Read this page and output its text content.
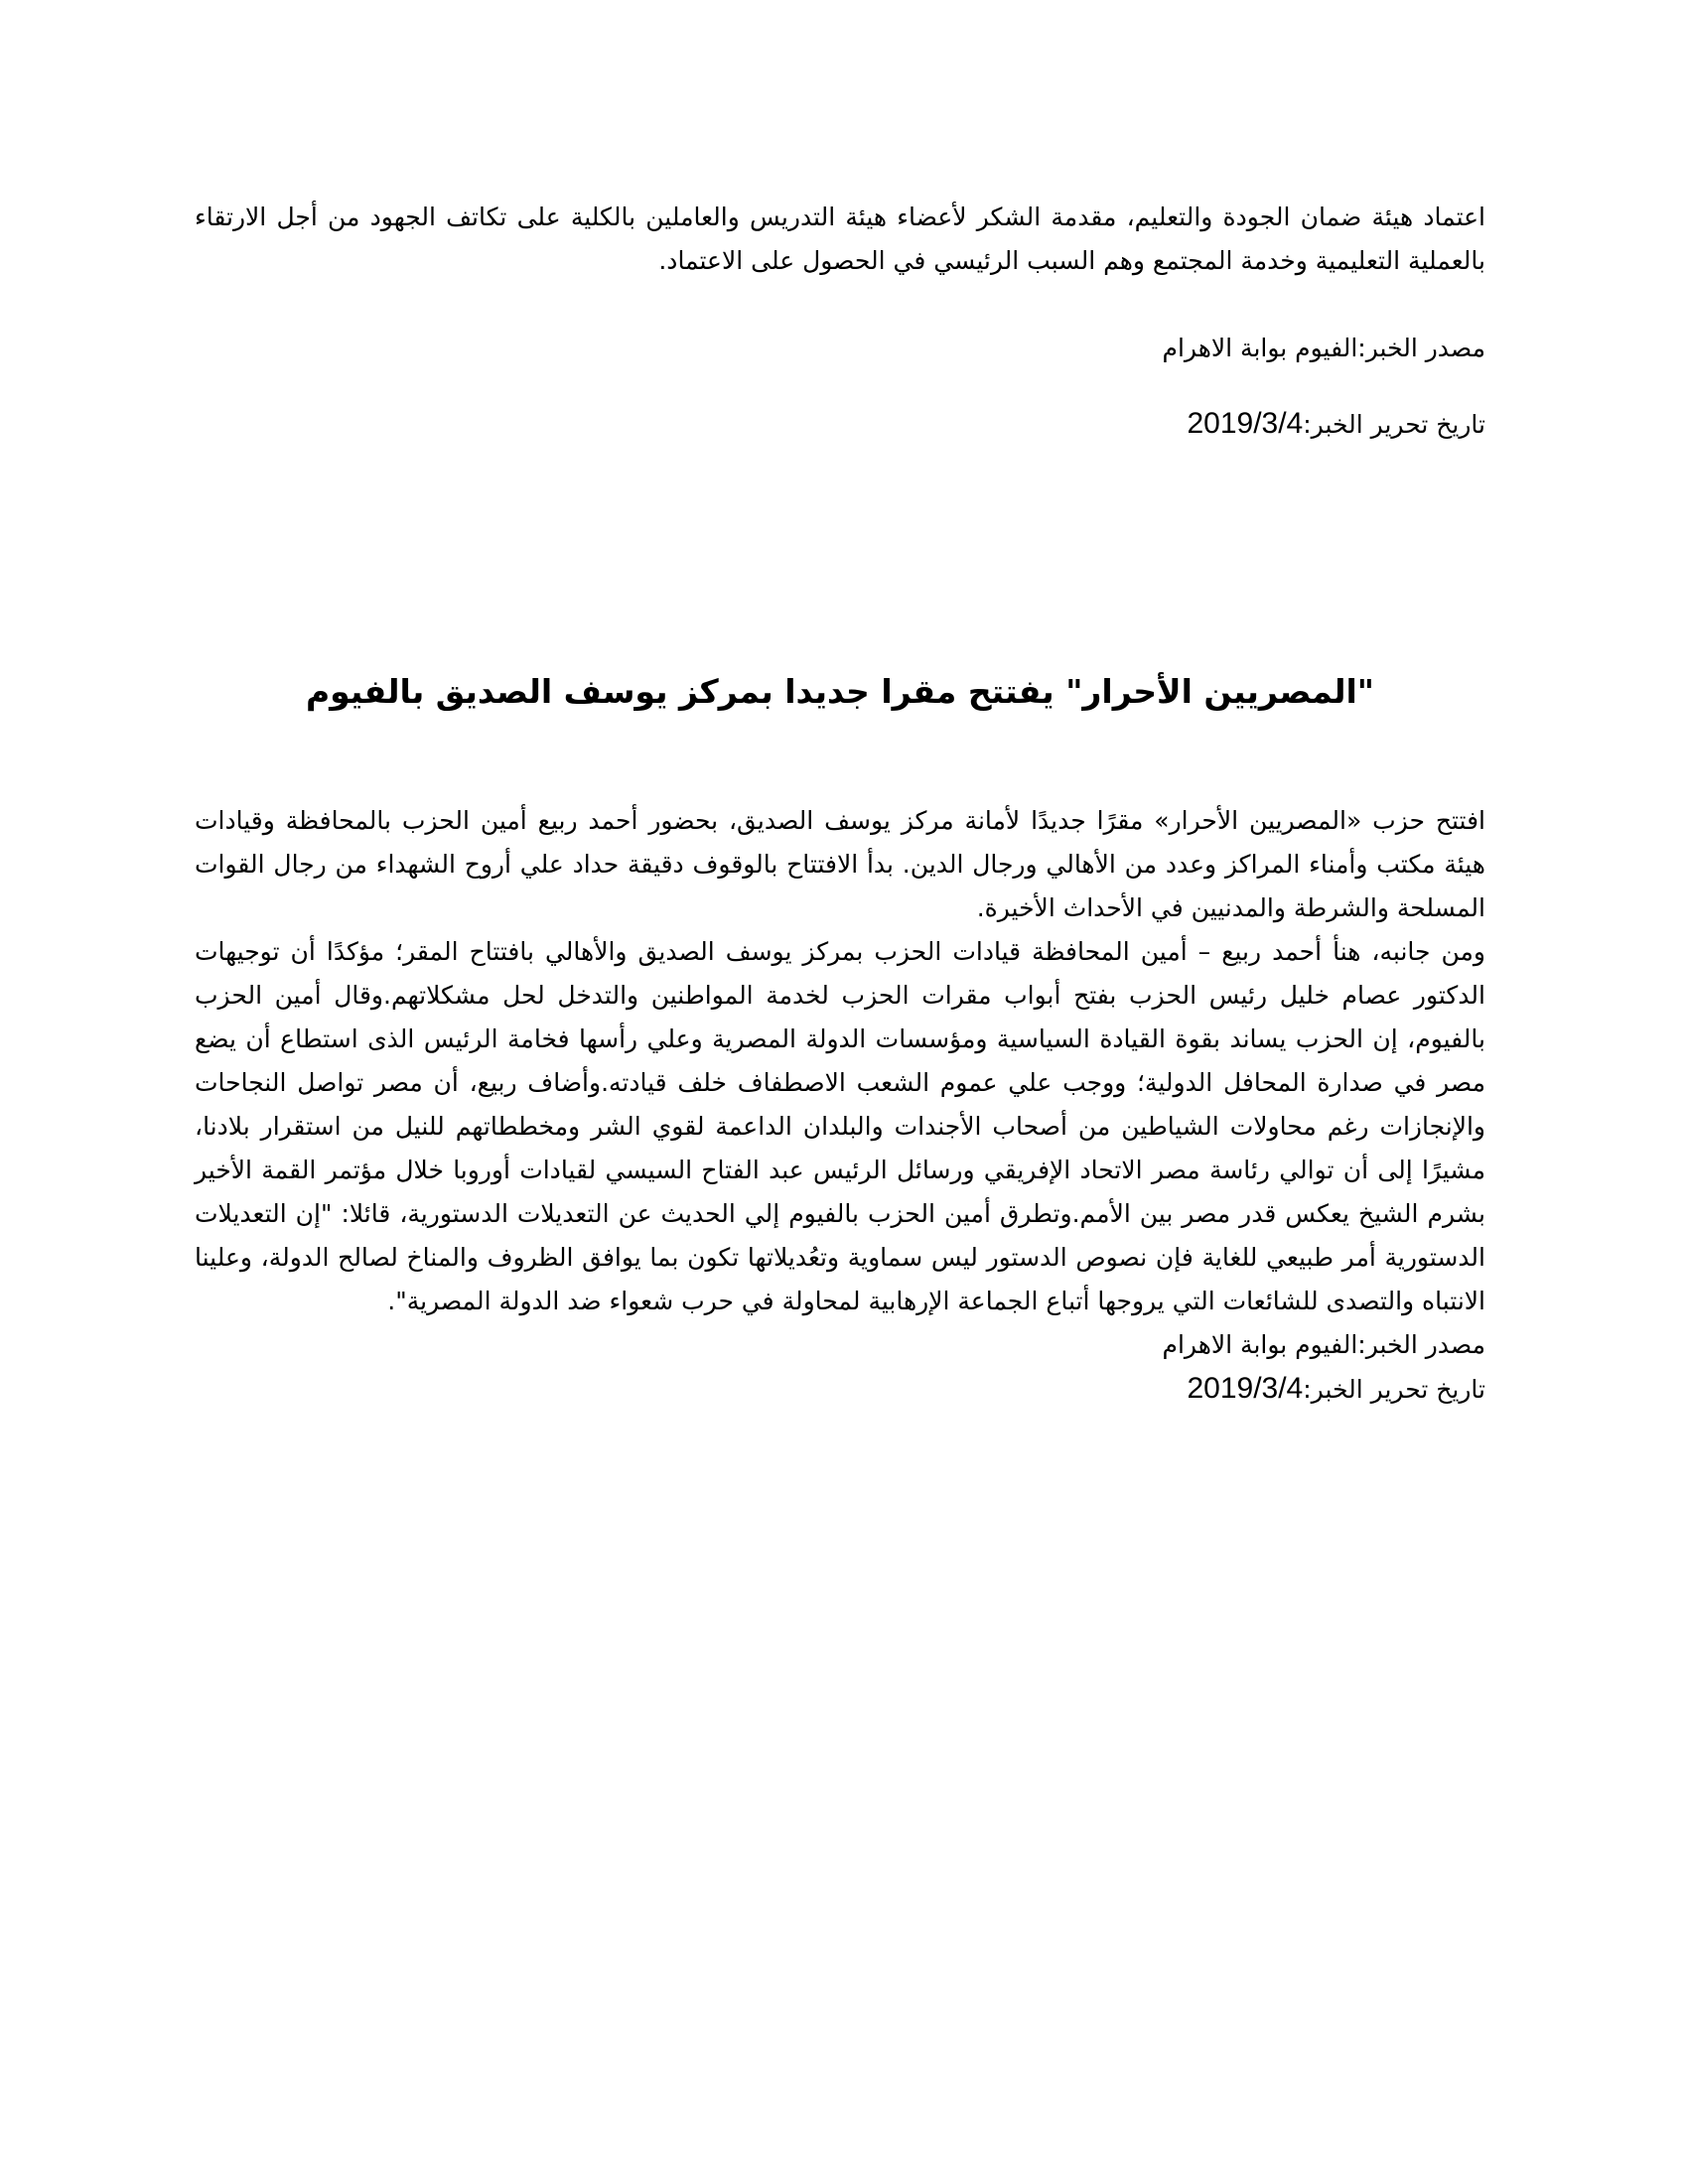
اعتماد هيئة ضمان الجودة والتعليم، مقدمة الشكر لأعضاء هيئة التدريس والعاملين بالكلية على تكاتف الجهود من أجل الارتقاء بالعملية التعليمية وخدمة المجتمع وهم السبب الرئيسي في الحصول على الاعتماد.

مصدر الخبر:الفيوم بوابة الاهرام

تاريخ تحرير الخبر:2019/3/4

"المصريين الأحرار" يفتتح مقرا جديدا بمركز يوسف الصديق بالفيوم

افتتح حزب «المصريين الأحرار» مقرًا جديدًا لأمانة مركز يوسف الصديق، بحضور أحمد ربيع أمين الحزب بالمحافظة وقيادات هيئة مكتب وأمناء المراكز وعدد من الأهالي ورجال الدين. بدأ الافتتاح بالوقوف دقيقة حداد علي أروح الشهداء من رجال القوات المسلحة والشرطة والمدنيين في الأحداث الأخيرة.

ومن جانبه، هنأ أحمد ربيع – أمين المحافظة قيادات الحزب بمركز يوسف الصديق والأهالي بافتتاح المقر؛ مؤكدًا أن توجيهات الدكتور عصام خليل رئيس الحزب بفتح أبواب مقرات الحزب لخدمة المواطنين والتدخل لحل مشكلاتهم.وقال أمين الحزب بالفيوم، إن الحزب يساند بقوة القيادة السياسية ومؤسسات الدولة المصرية وعلي رأسها فخامة الرئيس الذى استطاع أن يضع مصر في صدارة المحافل الدولية؛ ووجب علي عموم الشعب الاصطفاف خلف قيادته.وأضاف ربيع، أن مصر تواصل النجاحات والإنجازات رغم محاولات الشياطين من أصحاب الأجندات والبلدان الداعمة لقوي الشر ومخططاتهم للنيل من استقرار بلادنا، مشيرًا إلى أن توالي رئاسة مصر الاتحاد الإفريقي ورسائل الرئيس عبد الفتاح السيسي لقيادات أوروبا خلال مؤتمر القمة الأخير بشرم الشيخ يعكس قدر مصر بين الأمم.وتطرق أمين الحزب بالفيوم إلي الحديث عن التعديلات الدستورية، قائلا: "إن التعديلات الدستورية أمر طبيعي للغاية فإن نصوص الدستور ليس سماوية وتعُديلاتها تكون بما يوافق الظروف والمناخ لصالح الدولة، وعلينا الانتباه والتصدى للشائعات التي يروجها أتباع الجماعة الإرهابية لمحاولة في حرب شعواء ضد الدولة المصرية".

مصدر الخبر:الفيوم بوابة الاهرام

تاريخ تحرير الخبر:2019/3/4
